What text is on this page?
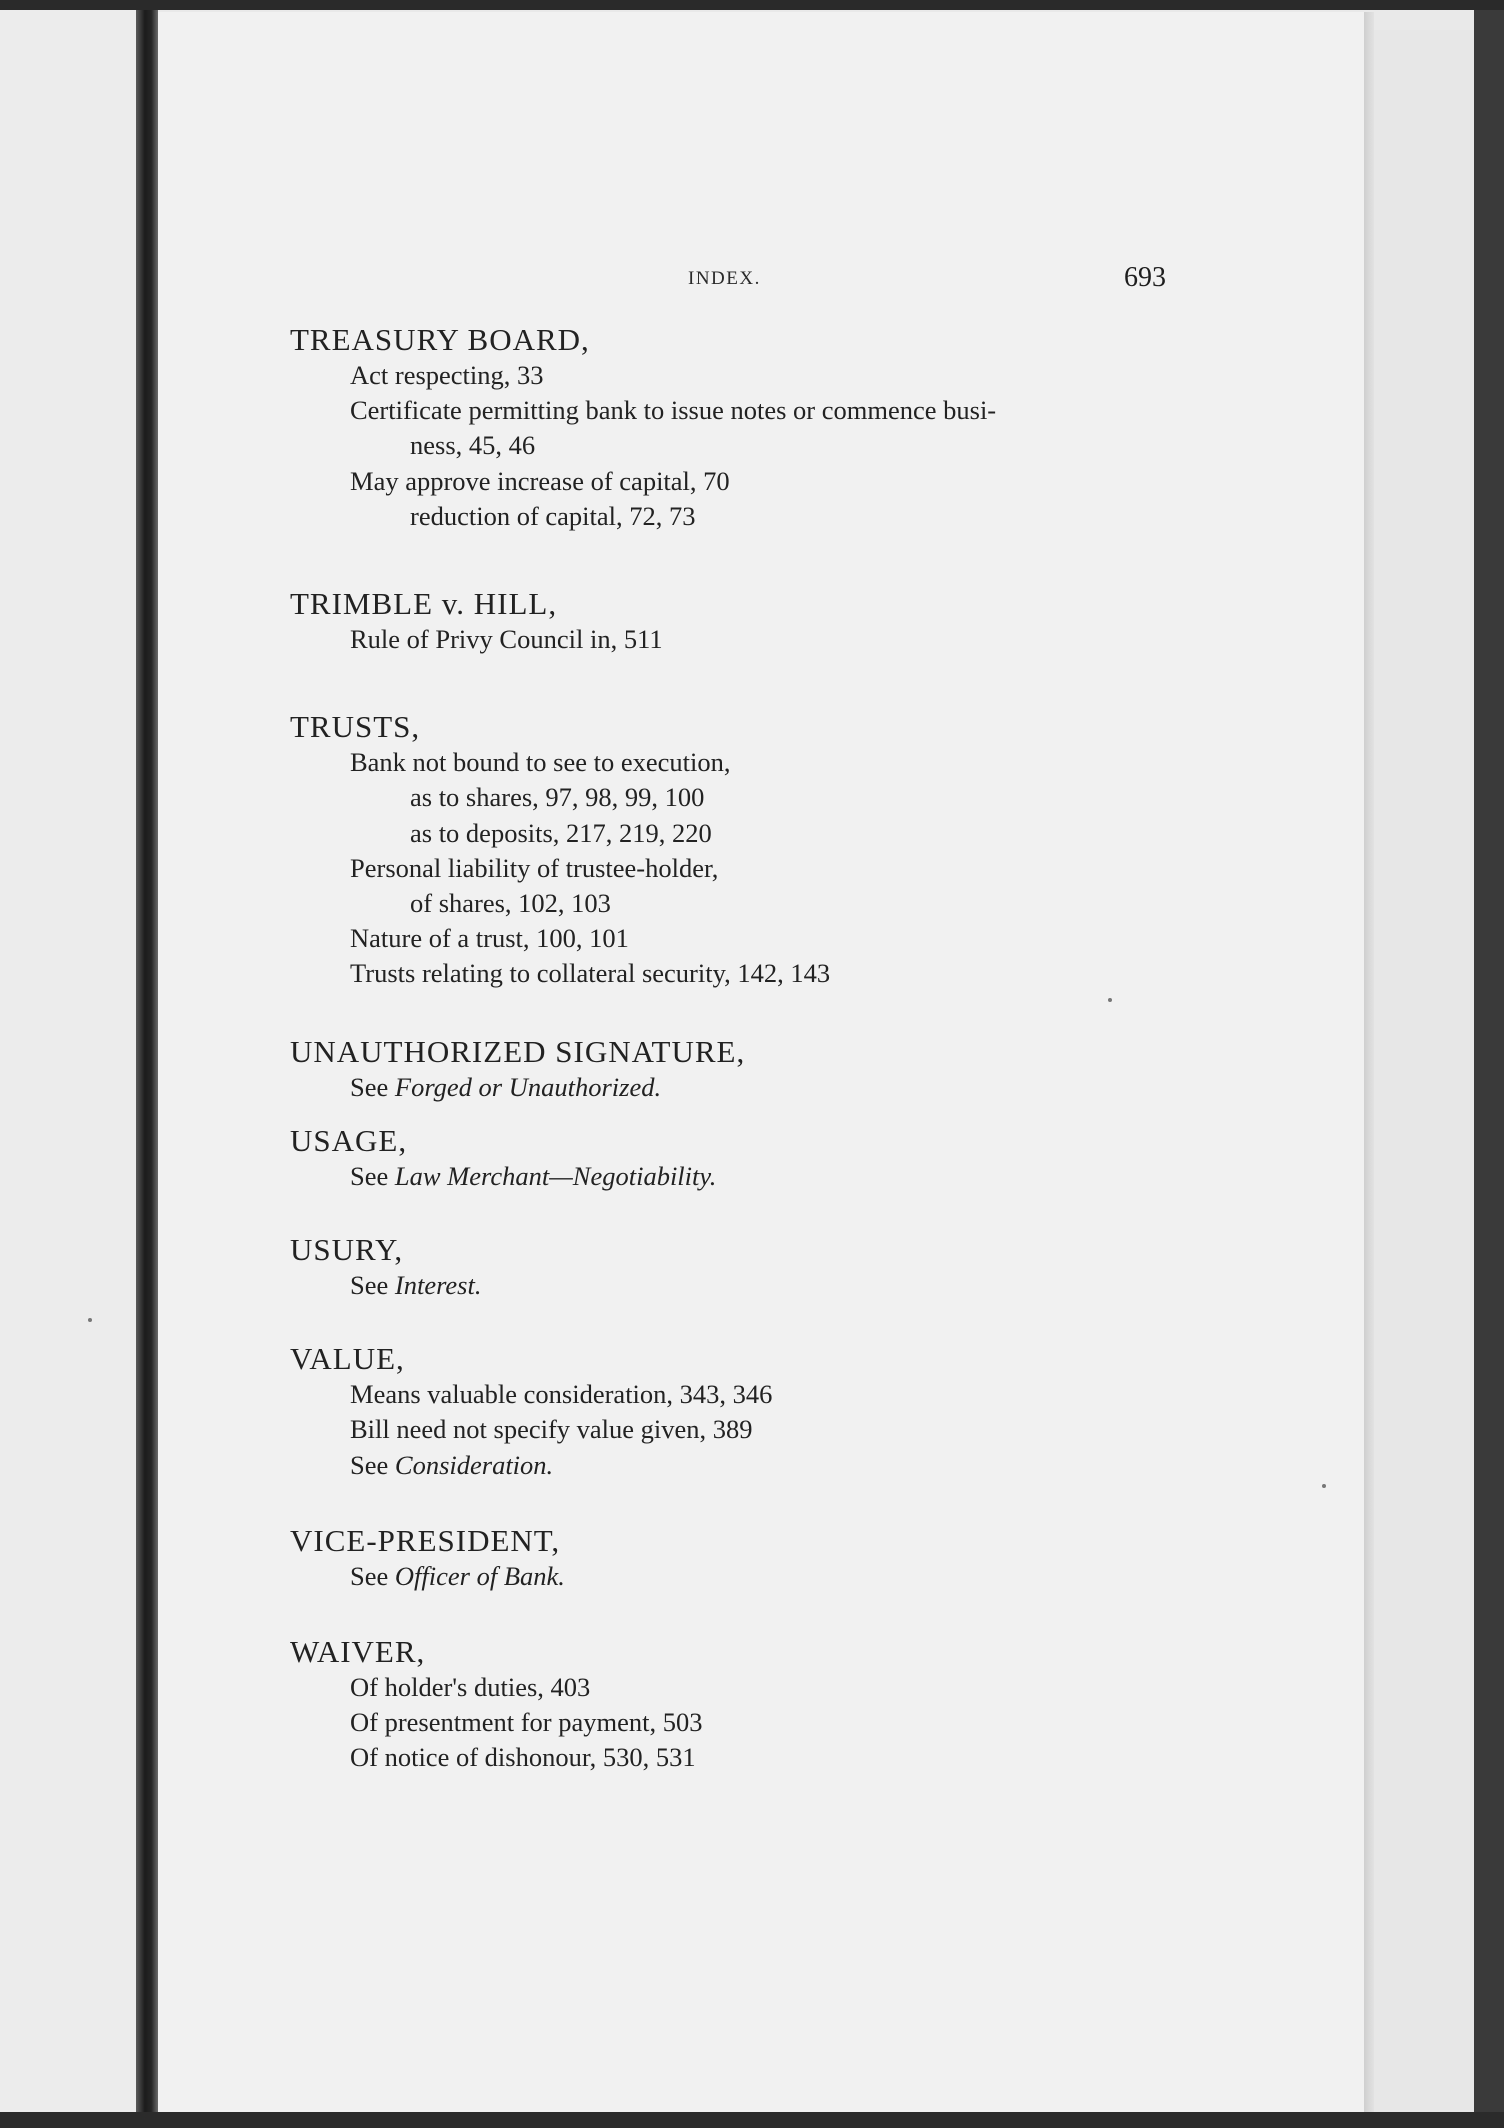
INDEX.	693
TREASURY BOARD,
Act respecting, 33
Certificate permitting bank to issue notes or commence busi-
ness, 45, 46
May approve increase of capital, 70
reduction of capital, 72, 73
TRIMBLE v. HILL,
Rule of Privy Council in, 511
TRUSTS,
Bank not bound to see to execution,
as to shares, 97, 98, 99, 100
as to deposits, 217, 219, 220
Personal liability of trustee-holder,
of shares, 102, 103
Nature of a trust, 100, 101
Trusts relating to collateral security, 142, 143
UNAUTHORIZED SIGNATURE,
See Forged or Unauthorized.
USAGE,
See Law Merchant—Negotiability.
USURY,
See Interest.
VALUE,
Means valuable consideration, 343, 346
Bill need not specify value given, 389
See Consideration.
VICE-PRESIDENT,
See Officer of Bank.
WAIVER,
Of holder's duties, 403
Of presentment for payment, 503
Of notice of dishonour, 530, 531
